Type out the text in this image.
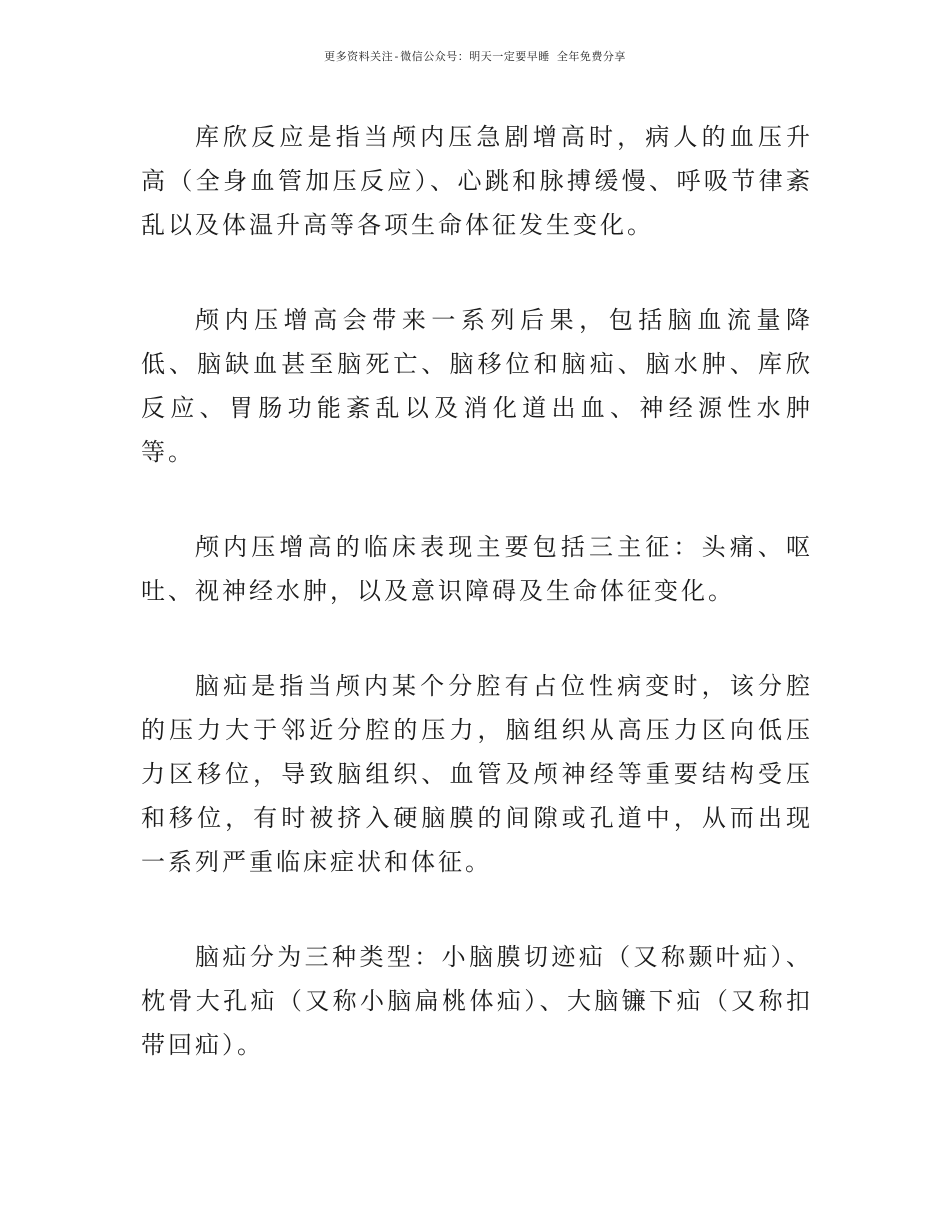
更多资料关注-微信公众号：明天一定要早睡 全年免费分享

库欣反应是指当颅内压急剧增高时，病人的血压升高（全身血管加压反应）、心跳和脉搏缓慢、呼吸节律紊乱以及体温升高等各项生命体征发生变化。

颅内压增高会带来一系列后果，包括脑血流量降低、脑缺血甚至脑死亡、脑移位和脑疝、脑水肿、库欣反应、胃肠功能紊乱以及消化道出血、神经源性水肿等。

颅内压增高的临床表现主要包括三主征：头痛、呕吐、视神经水肿，以及意识障碍及生命体征变化。

脑疝是指当颅内某个分腔有占位性病变时，该分腔的压力大于邻近分腔的压力，脑组织从高压力区向低压力区移位，导致脑组织、血管及颅神经等重要结构受压和移位，有时被挤入硬脑膜的间隙或孔道中，从而出现一系列严重临床症状和体征。

脑疝分为三种类型：小脑膜切迹疝（又称颞叶疝）、枕骨大孔疝（又称小脑扁桃体疝）、大脑镰下疝（又称扣带回疝）。
